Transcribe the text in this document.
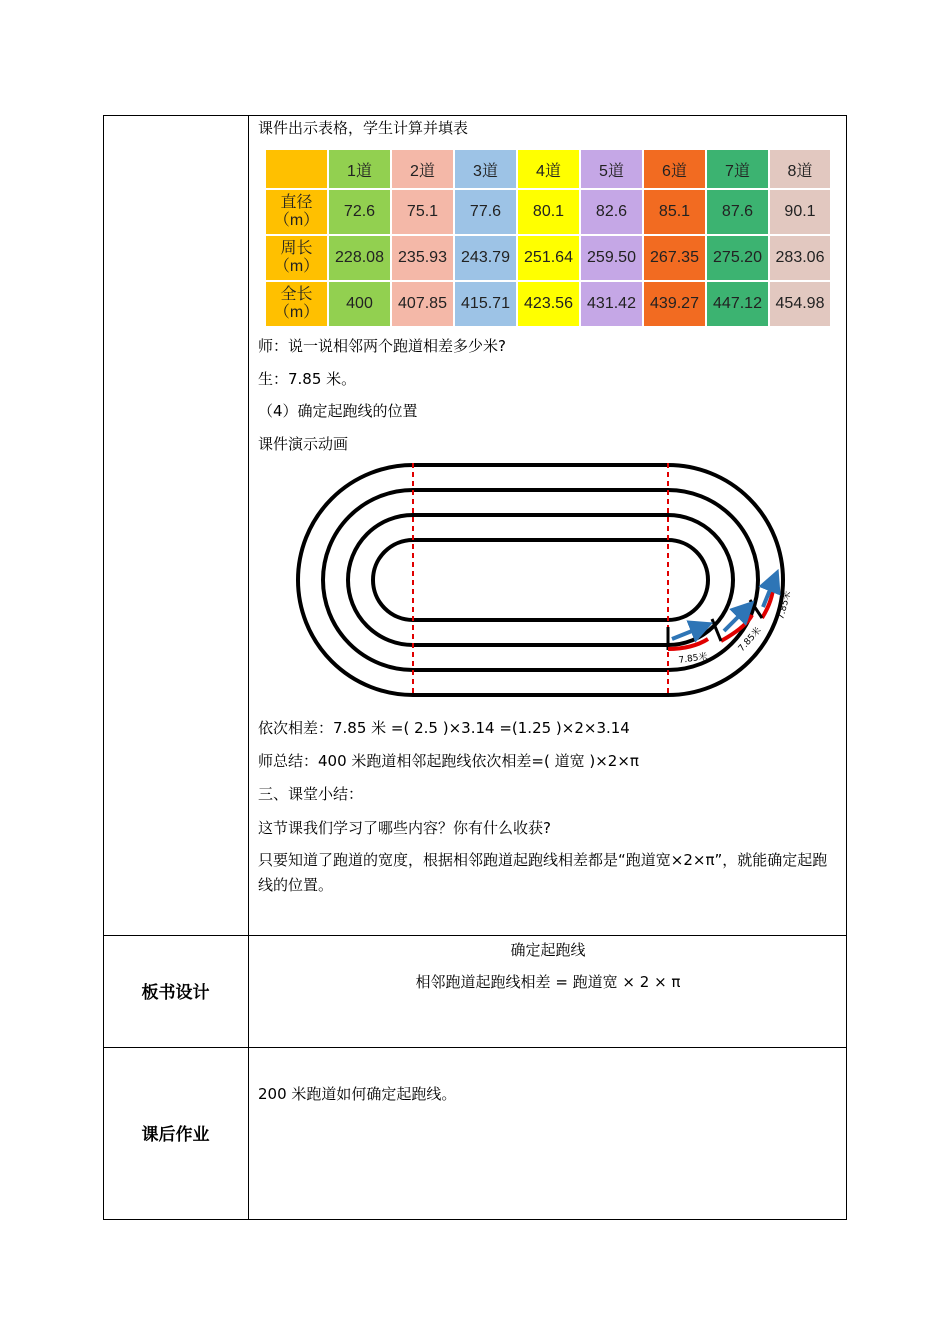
课件出示表格，学生计算并填表
	1道	2道	3道	4道	5道	6道	7道	8道

直径
（m）	72.6	75.1	77.6	80.1	82.6	85.1	87.6	90.1

周长
（m）	228.08	235.93	243.79	251.64	259.50	267.35	275.20	283.06

全长
（m）	400	407.85	415.71	423.56	431.42	439.27	447.12	454.98
师：说一说相邻两个跑道相差多少米?
生：7.85 米。
（4）确定起跑线的位置
课件演示动画
7.85米
7.85米
7.85米
依次相差：7.85 米 =( 2.5 )×3.14 =(1.25 )×2×3.14
师总结：400 米跑道相邻起跑线依次相差=( 道宽 )×2×π
三、课堂小结：
这节课我们学习了哪些内容？你有什么收获?
只要知道了跑道的宽度，根据相邻跑道起跑线相差都是“跑道宽×2×π”，就能确定起跑线的位置。
板书设计
确定起跑线
相邻跑道起跑线相差 = 跑道宽 × 2 × π
课后作业
200 米跑道如何确定起跑线。
